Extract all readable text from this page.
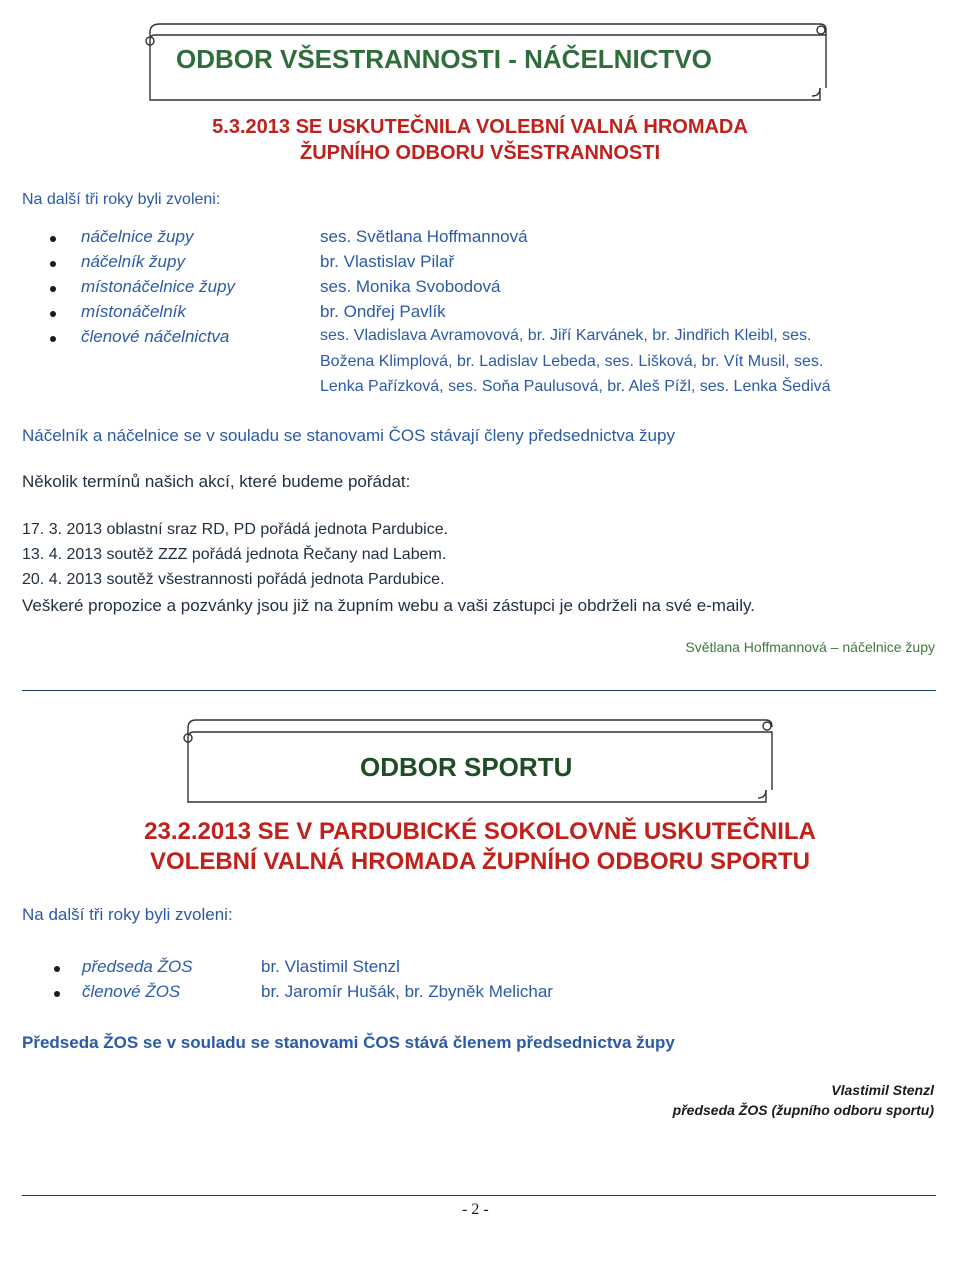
ODBOR VŠESTRANNOSTI - NÁČELNICTVO
5.3.2013 SE USKUTEČNILA VOLEBNÍ VALNÁ HROMADA
ŽUPNÍHO ODBORU VŠESTRANNOSTI
Na další tři roky byli zvoleni:
náčelnice župy	ses. Světlana Hoffmannová
náčelník župy	br. Vlastislav Pilař
místonáčelnice župy	ses. Monika Svobodová
místonáčelník	br. Ondřej Pavlík
členové náčelnictva	ses. Vladislava Avramovová, br. Jiří Karvánek, br. Jindřich Kleibl, ses.
Božena Klimplová, br. Ladislav Lebeda, ses. Lišková, br. Vít Musil, ses.
Lenka Pařízková, ses. Soňa Paulusová, br. Aleš Pížl, ses. Lenka Šedivá
Náčelník a náčelnice se v souladu se stanovami ČOS stávají členy předsednictva župy
Několik termínů našich akcí, které budeme pořádat:
17. 3. 2013 oblastní sraz RD, PD pořádá jednota Pardubice.
13. 4. 2013 soutěž ZZZ pořádá jednota Řečany nad Labem.
20. 4. 2013 soutěž všestrannosti pořádá jednota Pardubice.
Veškeré propozice a pozvánky jsou již na župním webu a vaši zástupci je obdrželi na své e-maily.
Světlana Hoffmannová – náčelnice župy
ODBOR SPORTU
23.2.2013 SE V PARDUBICKÉ SOKOLOVNĚ USKUTEČNILA
VOLEBNÍ VALNÁ HROMADA ŽUPNÍHO ODBORU SPORTU
Na další tři roky byli zvoleni:
předseda ŽOS	br. Vlastimil Stenzl
členové ŽOS	br. Jaromír Hušák, br. Zbyněk Melichar
Předseda ŽOS se v souladu se stanovami ČOS stává členem předsednictva župy
Vlastimil Stenzl
předseda ŽOS (župního odboru sportu)
- 2 -
